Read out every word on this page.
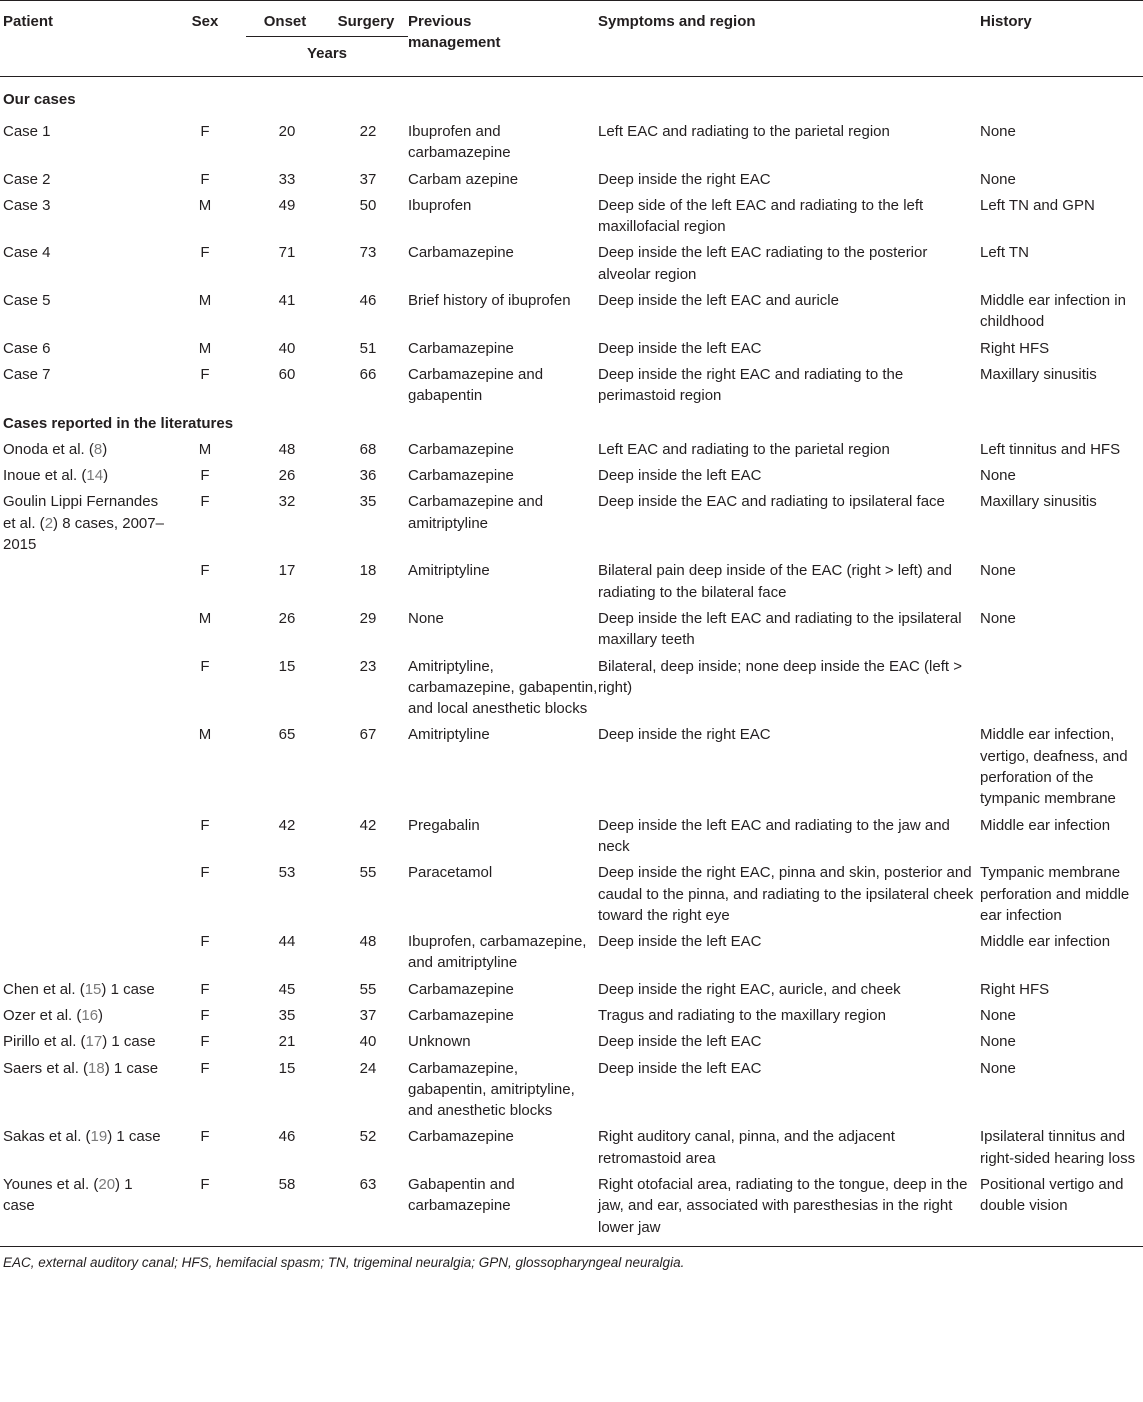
Patient	Sex	Onset	Surgery	Previous management	Symptoms and region	History
		Years				
Our cases						
Case 1	F	20	22	Ibuprofen and carbamazepine	Left EAC and radiating to the parietal region	None
Case 2	F	33	37	Carbam azepine	Deep inside the right EAC	None
Case 3	M	49	50	Ibuprofen	Deep side of the left EAC and radiating to the left maxillofacial region	Left TN and GPN
Case 4	F	71	73	Carbamazepine	Deep inside the left EAC radiating to the posterior alveolar region	Left TN
Case 5	M	41	46	Brief history of ibuprofen	Deep inside the left EAC and auricle	Middle ear infection in childhood
Case 6	M	40	51	Carbamazepine	Deep inside the left EAC	Right HFS
Case 7	F	60	66	Carbamazepine and gabapentin	Deep inside the right EAC and radiating to the perimastoid region	Maxillary sinusitis
Cases reported in the literatures						
Onoda et al. (8)	M	48	68	Carbamazepine	Left EAC and radiating to the parietal region	Left tinnitus and HFS
Inoue et al. (14)	F	26	36	Carbamazepine	Deep inside the left EAC	None
Goulin Lippi Fernandes et al. (2) 8 cases, 2007–2015	F	32	35	Carbamazepine and amitriptyline	Deep inside the EAC and radiating to ipsilateral face	Maxillary sinusitis
	F	17	18	Amitriptyline	Bilateral pain deep inside of the EAC (right > left) and radiating to the bilateral face	None
	M	26	29	None	Deep inside the left EAC and radiating to the ipsilateral maxillary teeth	None
	F	15	23	Amitriptyline, carbamazepine, gabapentin, and local anesthetic blocks	Bilateral, deep inside; none deep inside the EAC (left > right)	
	M	65	67	Amitriptyline	Deep inside the right EAC	Middle ear infection, vertigo, deafness, and perforation of the tympanic membrane
	F	42	42	Pregabalin	Deep inside the left EAC and radiating to the jaw and neck	Middle ear infection
	F	53	55	Paracetamol	Deep inside the right EAC, pinna and skin, posterior and caudal to the pinna, and radiating to the ipsilateral cheek toward the right eye	Tympanic membrane perforation and middle ear infection
	F	44	48	Ibuprofen, carbamazepine, and amitriptyline	Deep inside the left EAC	Middle ear infection
Chen et al. (15) 1 case	F	45	55	Carbamazepine	Deep inside the right EAC, auricle, and cheek	Right HFS
Ozer et al. (16)	F	35	37	Carbamazepine	Tragus and radiating to the maxillary region	None
Pirillo et al. (17) 1 case	F	21	40	Unknown	Deep inside the left EAC	None
Saers et al. (18) 1 case	F	15	24	Carbamazepine, gabapentin, amitriptyline, and anesthetic blocks	Deep inside the left EAC	None
Sakas et al. (19) 1 case	F	46	52	Carbamazepine	Right auditory canal, pinna, and the adjacent retromastoid area	Ipsilateral tinnitus and right-sided hearing loss
Younes et al. (20) 1 case	F	58	63	Gabapentin and carbamazepine	Right otofacial area, radiating to the tongue, deep in the jaw, and ear, associated with paresthesias in the right lower jaw	Positional vertigo and double vision
EAC, external auditory canal; HFS, hemifacial spasm; TN, trigeminal neuralgia; GPN, glossopharyngeal neuralgia.
